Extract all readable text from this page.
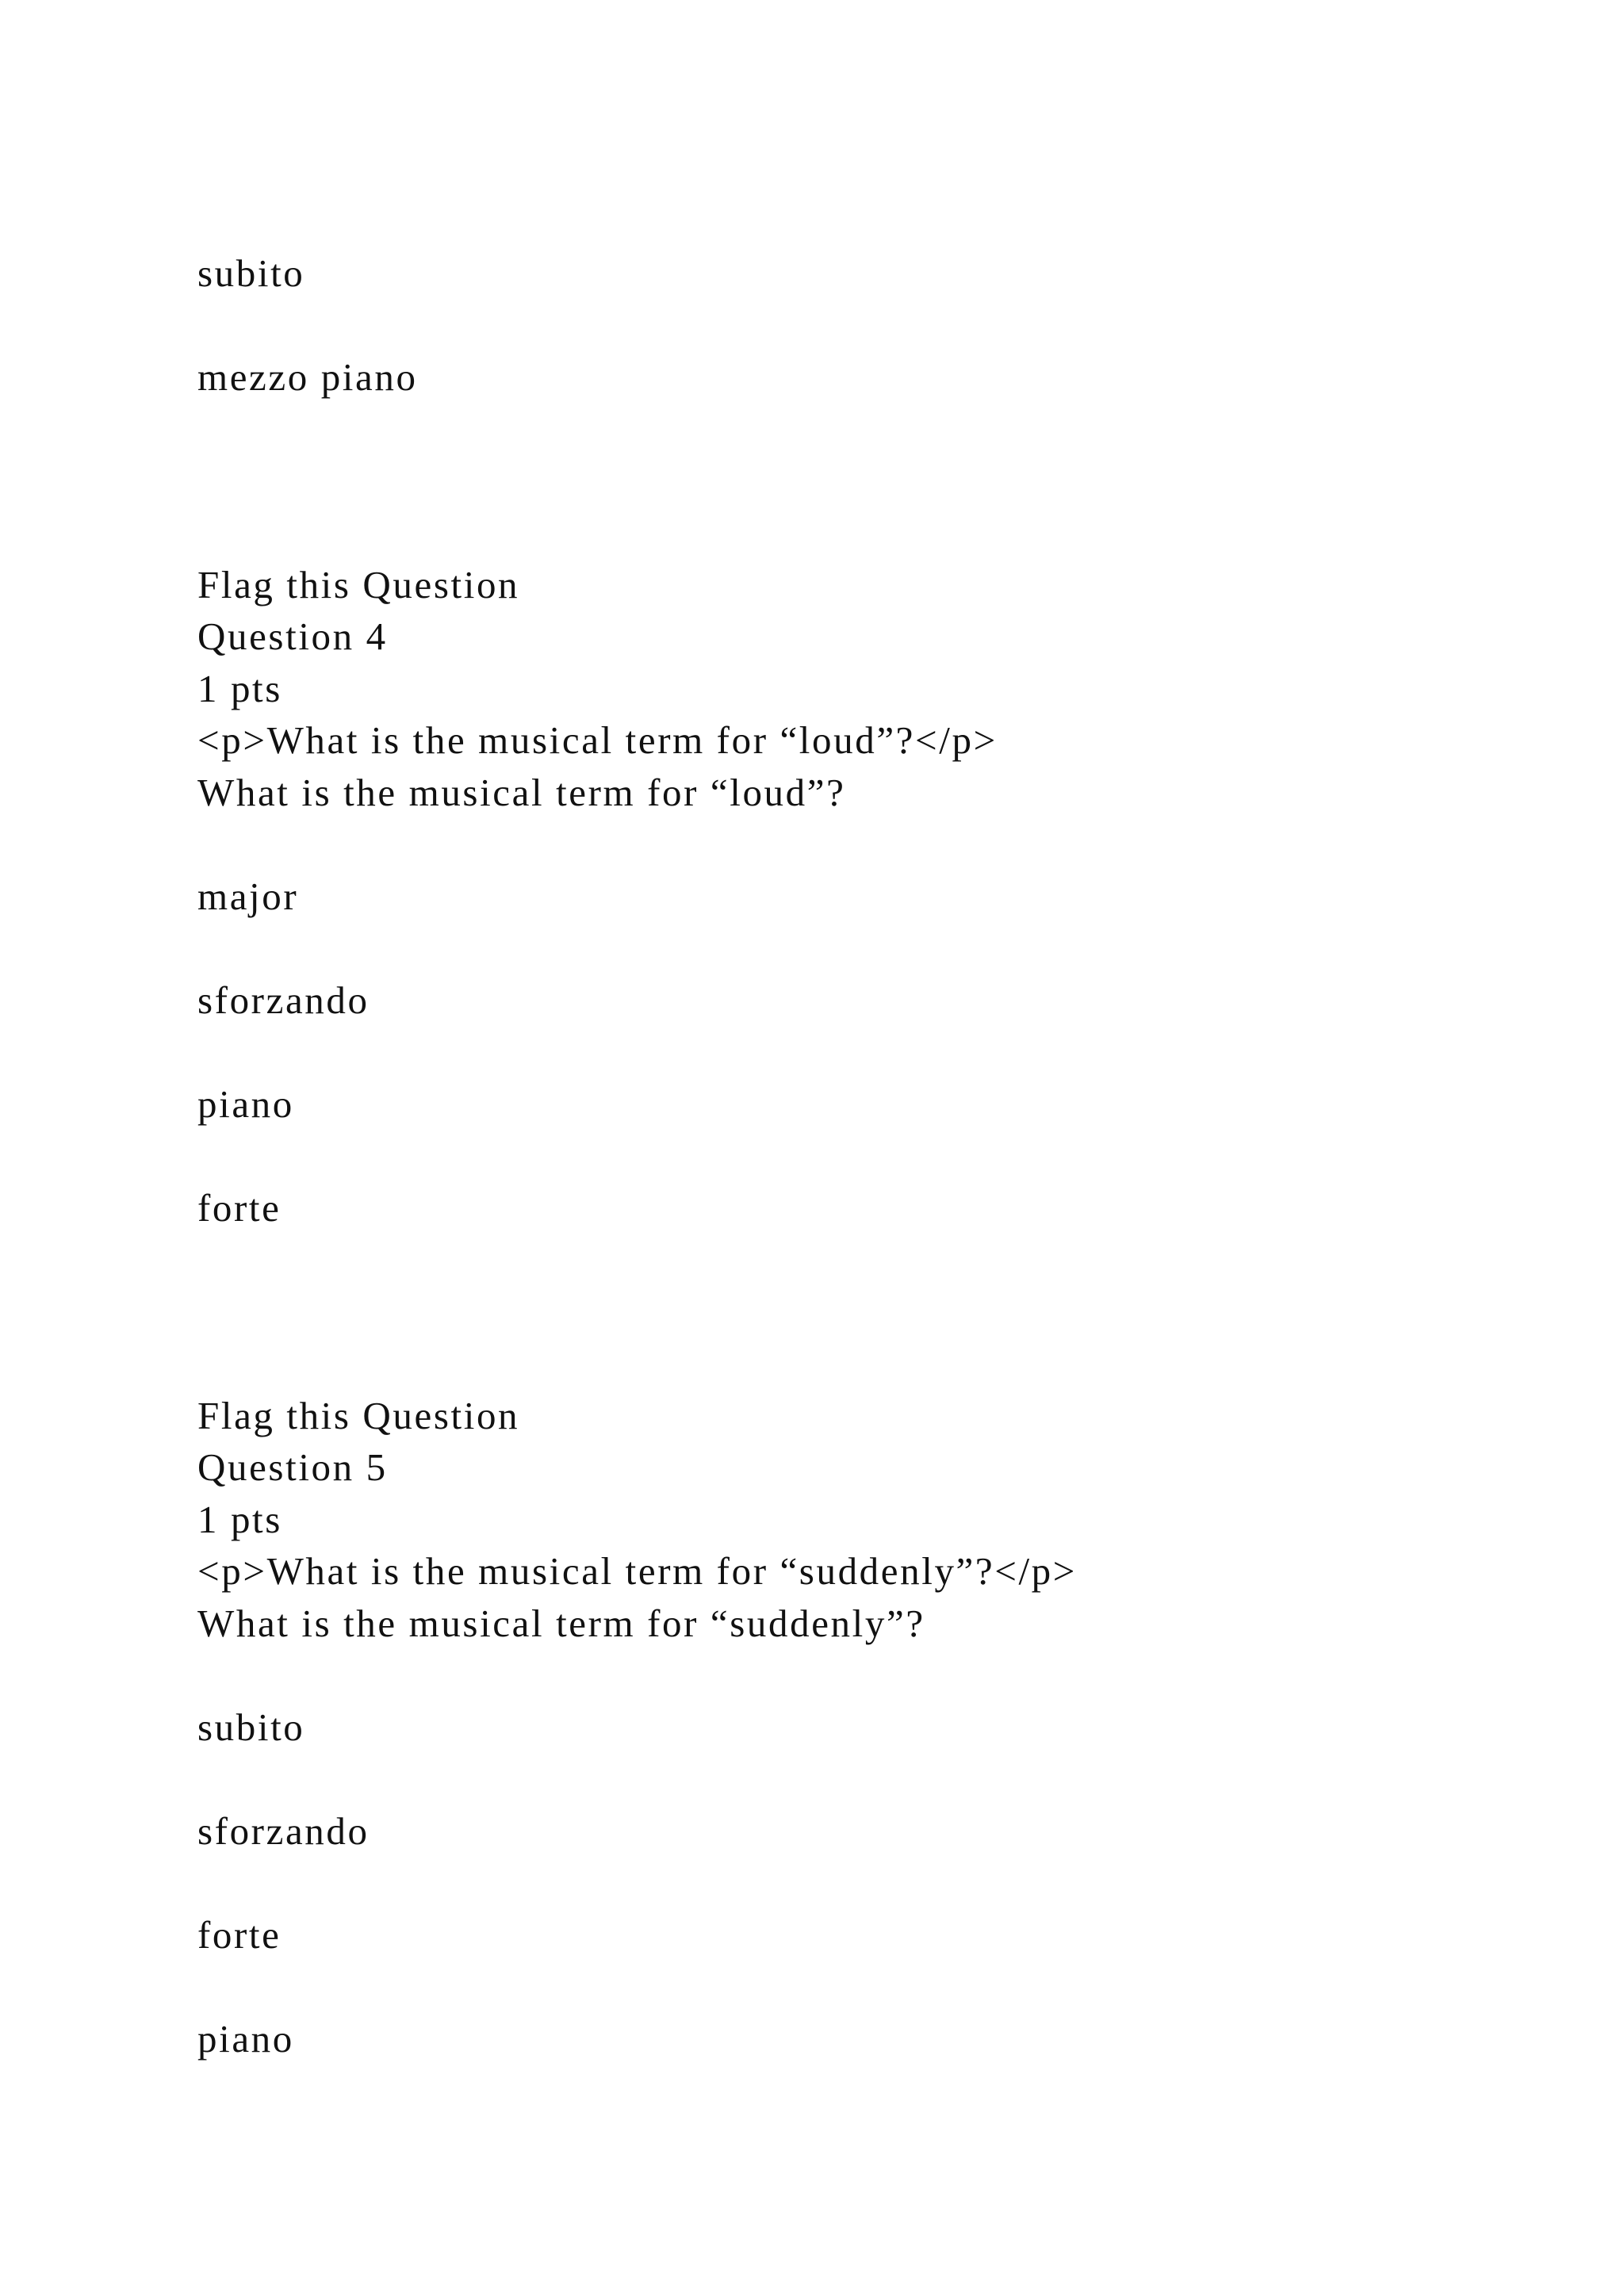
subito
mezzo piano
Flag this Question
Question 4
1 pts
<p>What is the musical term for “loud”?</p>
What is the musical term for “loud”?
major
sforzando
piano
forte
Flag this Question
Question 5
1 pts
<p>What is the musical term for “suddenly”?</p>
What is the musical term for “suddenly”?
subito
sforzando
forte
piano
